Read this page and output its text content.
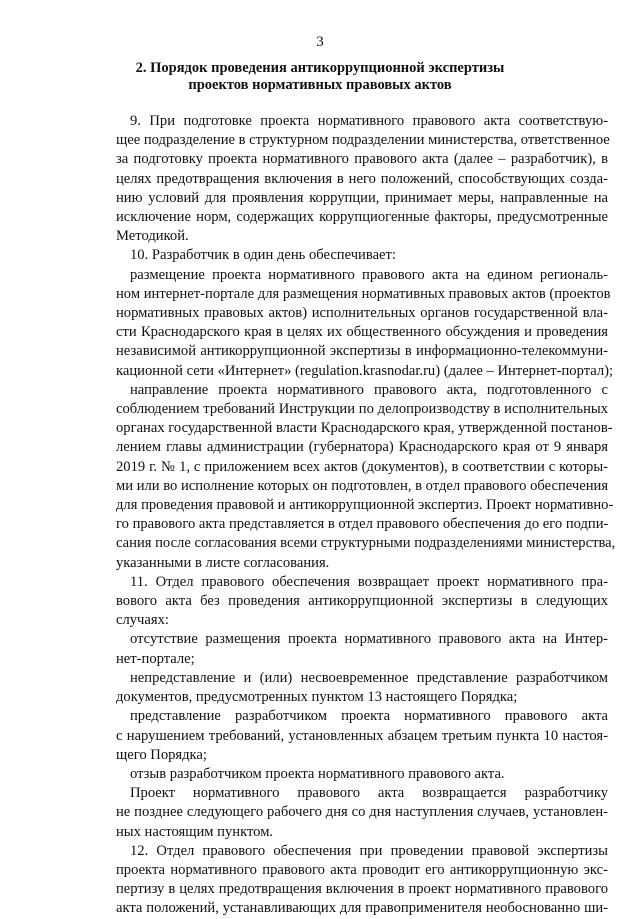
3
2. Порядок проведения антикоррупционной экспертизы
проектов нормативных правовых актов
9. При подготовке проекта нормативного правового акта соответствую-
щее подразделение в структурном подразделении министерства, ответственное
за подготовку проекта нормативного правового акта (далее – разработчик), в
целях предотвращения включения в него положений, способствующих созда-
нию условий для проявления коррупции, принимает меры, направленные на
исключение норм, содержащих коррупциогенные факторы, предусмотренные
Методикой.
10. Разработчик в один день обеспечивает:
размещение проекта нормативного правового акта на едином региональ-
ном интернет-портале для размещения нормативных правовых актов (проектов
нормативных правовых актов) исполнительных органов государственной вла-
сти Краснодарского края в целях их общественного обсуждения и проведения
независимой антикоррупционной экспертизы в информационно-телекоммуни-
кационной сети «Интернет» (regulation.krasnodar.ru) (далее – Интернет-портал);
направление проекта нормативного правового акта, подготовленного с
соблюдением требований Инструкции по делопроизводству в исполнительных
органах государственной власти Краснодарского края, утвержденной постанов-
лением главы администрации (губернатора) Краснодарского края от 9 января
2019 г. № 1, с приложением всех актов (документов), в соответствии с которы-
ми или во исполнение которых он подготовлен, в отдел правового обеспечения
для проведения правовой и антикоррупционной экспертиз. Проект нормативно-
го правового акта представляется в отдел правового обеспечения до его подпи-
сания после согласования всеми структурными подразделениями министерства,
указанными в листе согласования.
11. Отдел правового обеспечения возвращает проект нормативного пра-
вового акта без проведения антикоррупционной экспертизы в следующих
случаях:
отсутствие размещения проекта нормативного правового акта на Интер-
нет-портале;
непредставление и (или) несвоевременное представление разработчиком
документов, предусмотренных пунктом 13 настоящего Порядка;
представление разработчиком проекта нормативного правового акта
с нарушением требований, установленных абзацем третьим пункта 10 настоя-
щего Порядка;
отзыв разработчиком проекта нормативного правового акта.
Проект нормативного правового акта возвращается разработчику
не позднее следующего рабочего дня со дня наступления случаев, установлен-
ных настоящим пунктом.
12. Отдел правового обеспечения при проведении правовой экспертизы
проекта нормативного правового акта проводит его антикоррупционную экс-
пертизу в целях предотвращения включения в проект нормативного правового
акта положений, устанавливающих для правоприменителя необоснованно ши-
